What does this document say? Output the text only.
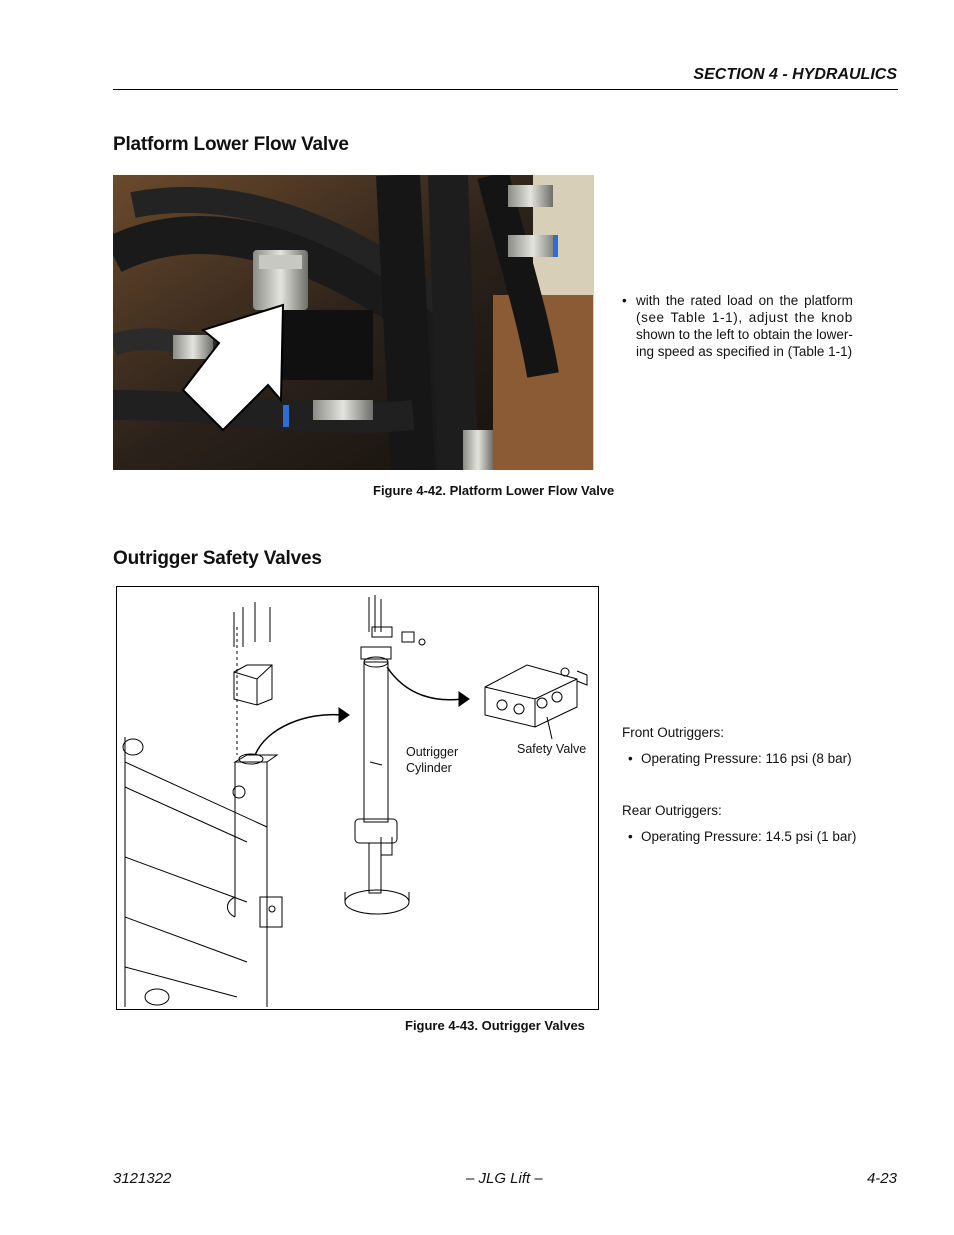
SECTION 4 - HYDRAULICS
Platform Lower Flow Valve
• with the rated load on the platform
(see Table 1-1), adjust the knob
shown to the left to obtain the lower-
ing speed as specified in (Table 1-1)
Figure 4-42. Platform Lower Flow Valve
Outrigger Safety Valves
Outrigger
Cylinder
Safety Valve
Front Outriggers:
• Operating Pressure: 116 psi (8 bar)
Rear Outriggers:
• Operating Pressure: 14.5 psi (1 bar)
Figure 4-43. Outrigger Valves
3121322	– JLG Lift –	4-23
